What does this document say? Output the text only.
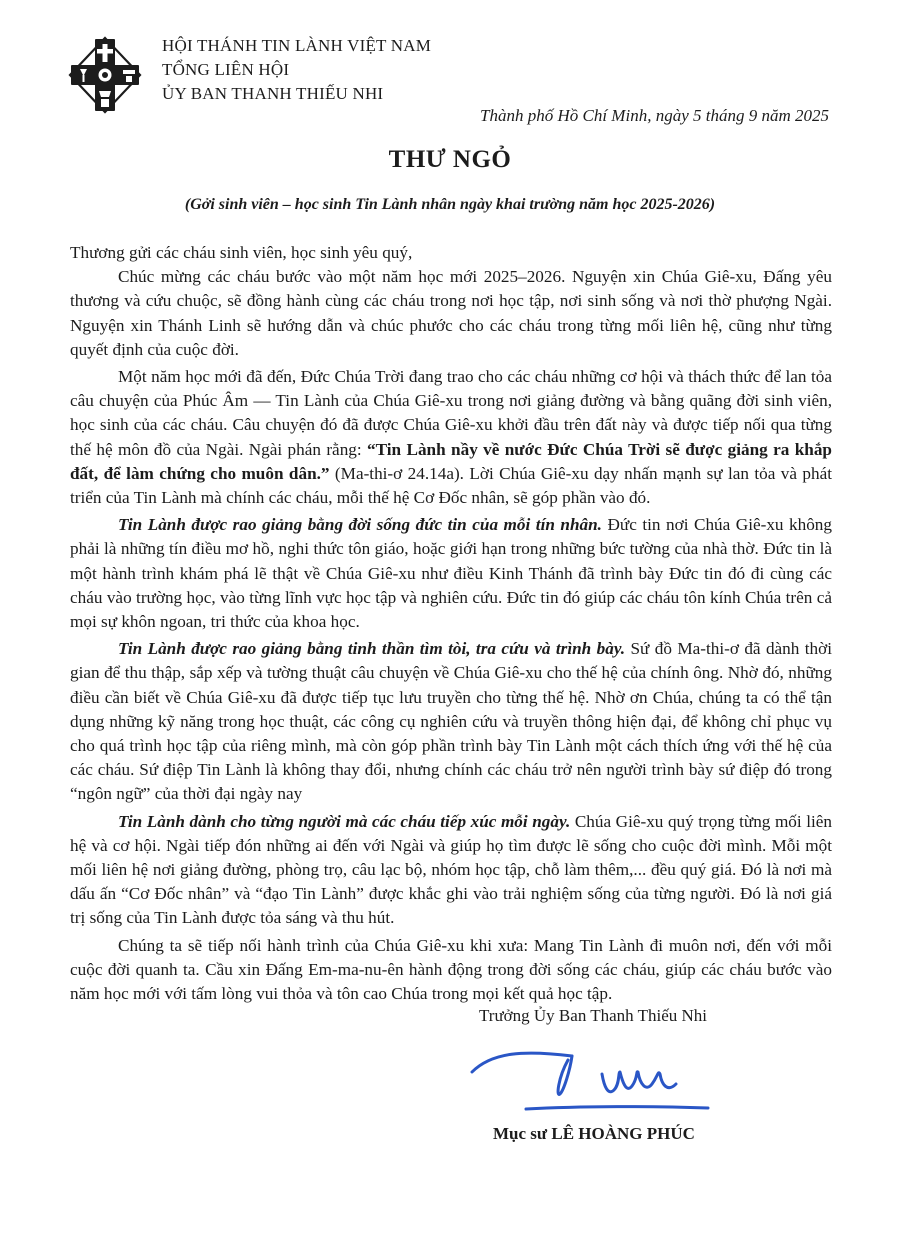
HỘI THÁNH TIN LÀNH VIỆT NAM
TỔNG LIÊN HỘI
ỦY BAN THANH THIẾU NHI
Thành phố Hồ Chí Minh, ngày 5 tháng 9 năm 2025
THƯ NGỎ
(Gởi sinh viên – học sinh Tin Lành nhân ngày khai trường năm học 2025-2026)

Thương gửi các cháu sinh viên, học sinh yêu quý,

Chúc mừng các cháu bước vào một năm học mới 2025–2026. Nguyện xin Chúa Giê-xu, Đấng yêu thương và cứu chuộc, sẽ đồng hành cùng các cháu trong nơi học tập, nơi sinh sống và nơi thờ phượng Ngài. Nguyện xin Thánh Linh sẽ hướng dẫn và chúc phước cho các cháu trong từng mối liên hệ, cũng như từng quyết định của cuộc đời.

Một năm học mới đã đến, Đức Chúa Trời đang trao cho các cháu những cơ hội và thách thức để lan tỏa câu chuyện của Phúc Âm — Tin Lành của Chúa Giê-xu trong nơi giảng đường và bằng quãng đời sinh viên, học sinh của các cháu. Câu chuyện đó đã được Chúa Giê-xu khởi đầu trên đất này và được tiếp nối qua từng thế hệ môn đồ của Ngài. Ngài phán rằng: “Tin Lành nầy về nước Đức Chúa Trời sẽ được giảng ra khắp đất, để làm chứng cho muôn dân.” (Ma-thi-ơ 24.14a). Lời Chúa Giê-xu dạy nhấn mạnh sự lan tỏa và phát triển của Tin Lành mà chính các cháu, mỗi thế hệ Cơ Đốc nhân, sẽ góp phần vào đó.

Tin Lành được rao giảng bằng đời sống đức tin của mỗi tín nhân. Đức tin nơi Chúa Giê-xu không phải là những tín điều mơ hồ, nghi thức tôn giáo, hoặc giới hạn trong những bức tường của nhà thờ. Đức tin là một hành trình khám phá lẽ thật về Chúa Giê-xu như điều Kinh Thánh đã trình bày Đức tin đó đi cùng các cháu vào trường học, vào từng lĩnh vực học tập và nghiên cứu. Đức tin đó giúp các cháu tôn kính Chúa trên cả mọi sự khôn ngoan, tri thức của khoa học.

Tin Lành được rao giảng bằng tinh thần tìm tòi, tra cứu và trình bày. Sứ đồ Ma-thi-ơ đã dành thời gian để thu thập, sắp xếp và tường thuật câu chuyện về Chúa Giê-xu cho thế hệ của chính ông. Nhờ đó, những điều cần biết về Chúa Giê-xu đã được tiếp tục lưu truyền cho từng thế hệ. Nhờ ơn Chúa, chúng ta có thể tận dụng những kỹ năng trong học thuật, các công cụ nghiên cứu và truyền thông hiện đại, để không chỉ phục vụ cho quá trình học tập của riêng mình, mà còn góp phần trình bày Tin Lành một cách thích ứng với thế hệ của các cháu. Sứ điệp Tin Lành là không thay đổi, nhưng chính các cháu trở nên người trình bày sứ điệp đó trong “ngôn ngữ” của thời đại ngày nay

Tin Lành dành cho từng người mà các cháu tiếp xúc mỗi ngày. Chúa Giê-xu quý trọng từng mối liên hệ và cơ hội. Ngài tiếp đón những ai đến với Ngài và giúp họ tìm được lẽ sống cho cuộc đời mình. Mỗi một mối liên hệ nơi giảng đường, phòng trọ, câu lạc bộ, nhóm học tập, chỗ làm thêm,... đều quý giá. Đó là nơi mà dấu ấn “Cơ Đốc nhân” và “đạo Tin Lành” được khắc ghi vào trải nghiệm sống của từng người. Đó là nơi giá trị sống của Tin Lành được tỏa sáng và thu hút.

Chúng ta sẽ tiếp nối hành trình của Chúa Giê-xu khi xưa: Mang Tin Lành đi muôn nơi, đến với mỗi cuộc đời quanh ta. Cầu xin Đấng Em-ma-nu-ên hành động trong đời sống các cháu, giúp các cháu bước vào năm học mới với tấm lòng vui thỏa và tôn cao Chúa trong mọi kết quả học tập.

Trưởng Ủy Ban Thanh Thiếu Nhi
Mục sư LÊ HOÀNG PHÚC
